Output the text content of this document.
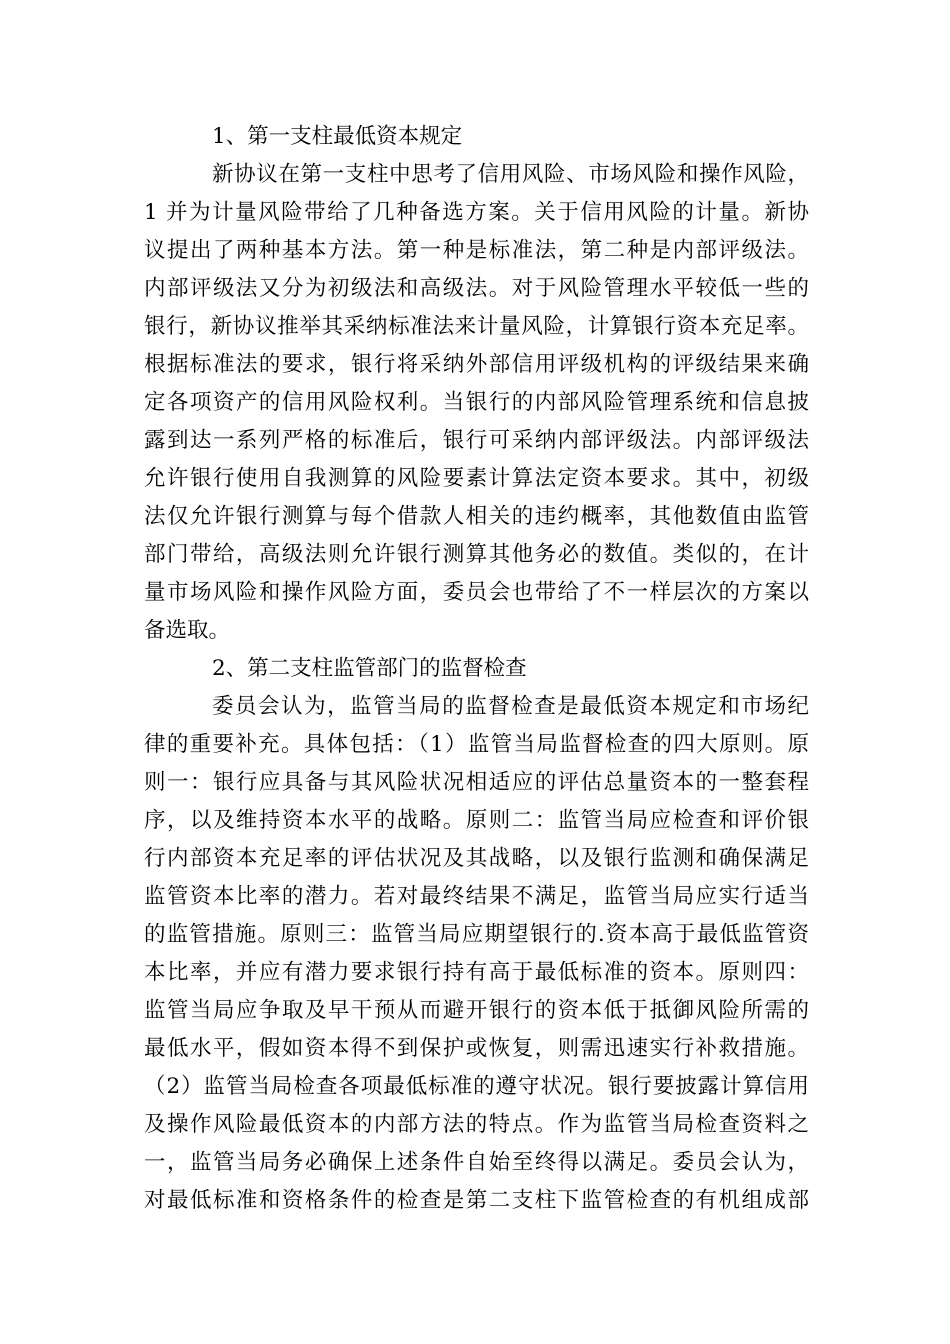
1、第一支柱最低资本规定
新协议在第一支柱中思考了信用风险、市场风险和操作风险，
1 并为计量风险带给了几种备选方案。关于信用风险的计量。新协
议提出了两种基本方法。第一种是标准法，第二种是内部评级法。
内部评级法又分为初级法和高级法。对于风险管理水平较低一些的
银行，新协议推举其采纳标准法来计量风险，计算银行资本充足率。
根据标准法的要求，银行将采纳外部信用评级机构的评级结果来确
定各项资产的信用风险权利。当银行的内部风险管理系统和信息披
露到达一系列严格的标准后，银行可采纳内部评级法。内部评级法
允许银行使用自我测算的风险要素计算法定资本要求。其中，初级
法仅允许银行测算与每个借款人相关的违约概率，其他数值由监管
部门带给，高级法则允许银行测算其他务必的数值。类似的，在计
量市场风险和操作风险方面，委员会也带给了不一样层次的方案以
备选取。
2、第二支柱监管部门的监督检查
委员会认为，监管当局的监督检查是最低资本规定和市场纪
律的重要补充。具体包括：（1）监管当局监督检查的四大原则。原
则一：银行应具备与其风险状况相适应的评估总量资本的一整套程
序，以及维持资本水平的战略。原则二：监管当局应检查和评价银
行内部资本充足率的评估状况及其战略，以及银行监测和确保满足
监管资本比率的潜力。若对最终结果不满足，监管当局应实行适当
的监管措施。原则三：监管当局应期望银行的.资本高于最低监管资
本比率，并应有潜力要求银行持有高于最低标准的资本。原则四：
监管当局应争取及早干预从而避开银行的资本低于抵御风险所需的
最低水平，假如资本得不到保护或恢复，则需迅速实行补救措施。
（2）监管当局检查各项最低标准的遵守状况。银行要披露计算信用
及操作风险最低资本的内部方法的特点。作为监管当局检查资料之
一，监管当局务必确保上述条件自始至终得以满足。委员会认为，
对最低标准和资格条件的检查是第二支柱下监管检查的有机组成部
